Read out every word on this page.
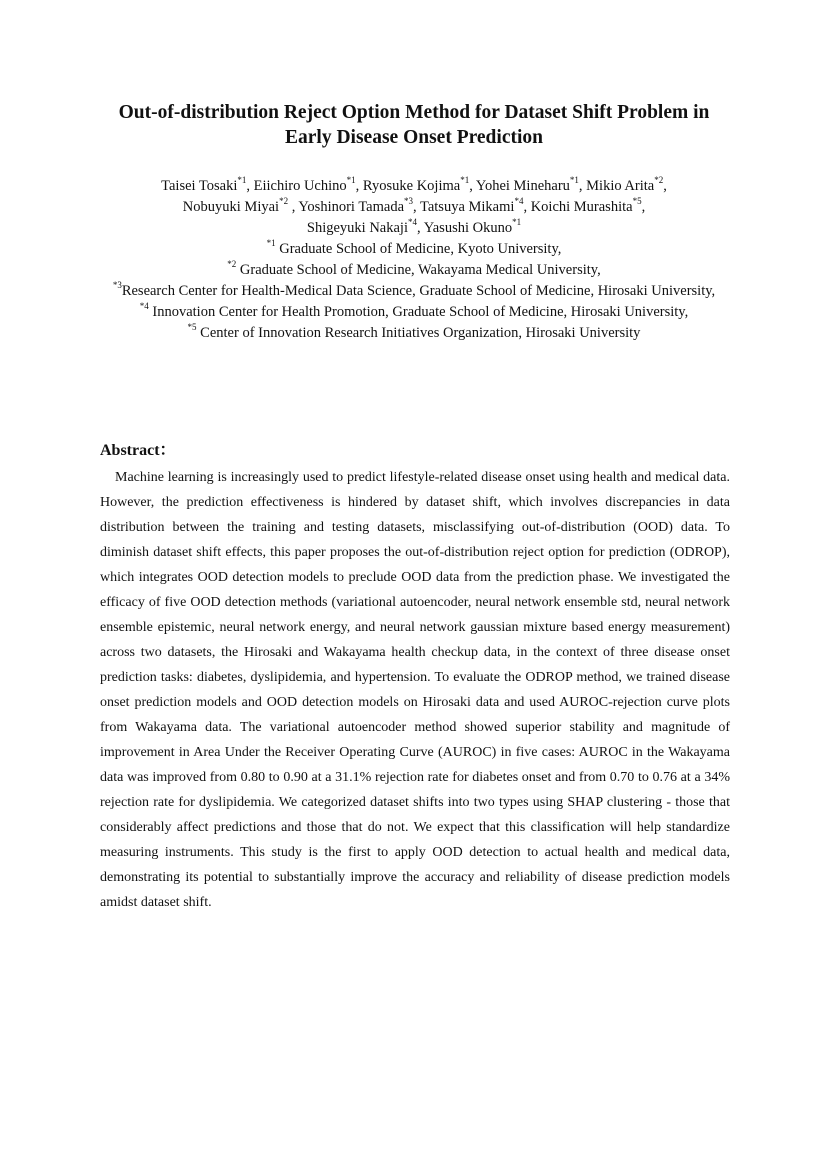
Out-of-distribution Reject Option Method for Dataset Shift Problem in
Early Disease Onset Prediction
Taisei Tosaki$^{*1}$, Eiichiro Uchino$^{*1}$, Ryosuke Kojima$^{*1}$, Yohei Mineharu$^{*1}$, Mikio Arita$^{*2}$,
Nobuyuki Miyai$^{*2}$ , Yoshinori Tamada$^{*3}$, Tatsuya Mikami$^{*4}$, Koichi Murashita$^{*5}$,
Shigeyuki Nakaji$^{*4}$, Yasushi Okuno$^{*1}$
$^{*1}$ Graduate School of Medicine, Kyoto University,
$^{*2}$ Graduate School of Medicine, Wakayama Medical University,
$^{*3}$Research Center for Health-Medical Data Science, Graduate School of Medicine, Hirosaki University,
$^{*4}$ Innovation Center for Health Promotion, Graduate School of Medicine, Hirosaki University,
$^{*5}$ Center of Innovation Research Initiatives Organization, Hirosaki University
Abstract：
Machine learning is increasingly used to predict lifestyle-related disease onset using health and medical data. However, the prediction effectiveness is hindered by dataset shift, which involves discrepancies in data distribution between the training and testing datasets, misclassifying out-of-distribution (OOD) data. To diminish dataset shift effects, this paper proposes the out-of-distribution reject option for prediction (ODROP), which integrates OOD detection models to preclude OOD data from the prediction phase. We investigated the efficacy of five OOD detection methods (variational autoencoder, neural network ensemble std, neural network ensemble epistemic, neural network energy, and neural network gaussian mixture based energy measurement) across two datasets, the Hirosaki and Wakayama health checkup data, in the context of three disease onset prediction tasks: diabetes, dyslipidemia, and hypertension. To evaluate the ODROP method, we trained disease onset prediction models and OOD detection models on Hirosaki data and used AUROC-rejection curve plots from Wakayama data. The variational autoencoder method showed superior stability and magnitude of improvement in Area Under the Receiver Operating Curve (AUROC) in five cases: AUROC in the Wakayama data was improved from 0.80 to 0.90 at a 31.1% rejection rate for diabetes onset and from 0.70 to 0.76 at a 34% rejection rate for dyslipidemia. We categorized dataset shifts into two types using SHAP clustering - those that considerably affect predictions and those that do not. We expect that this classification will help standardize measuring instruments. This study is the first to apply OOD detection to actual health and medical data, demonstrating its potential to substantially improve the accuracy and reliability of disease prediction models amidst dataset shift.
